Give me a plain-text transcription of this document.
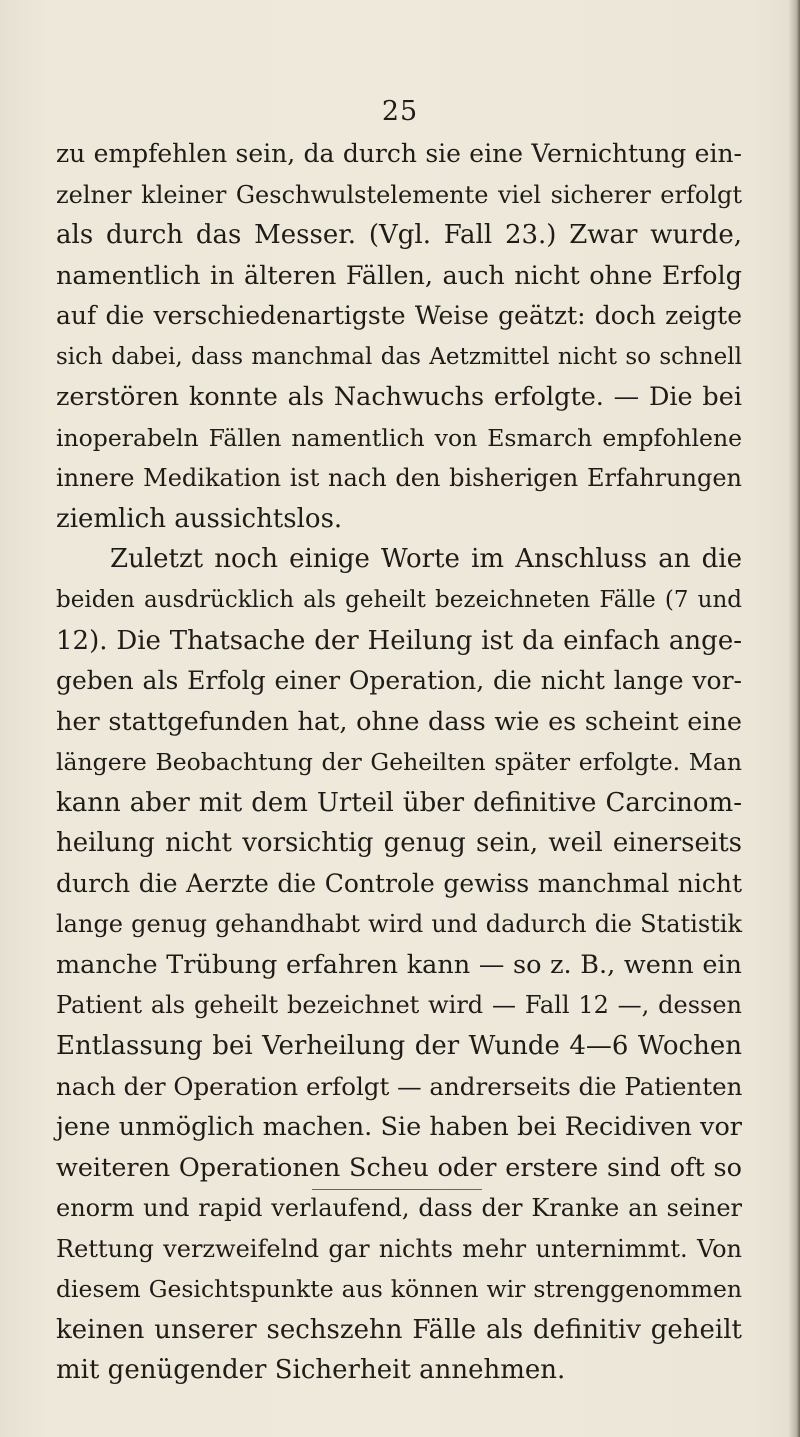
25
zu empfehlen sein, da durch sie eine Vernichtung ein-
zelner kleiner Geschwulstelemente viel sicherer erfolgt
als durch das Messer. (Vgl. Fall 23.) Zwar wurde,
namentlich in älteren Fällen, auch nicht ohne Erfolg
auf die verschiedenartigste Weise geätzt: doch zeigte
sich dabei, dass manchmal das Aetzmittel nicht so schnell
zerstören konnte als Nachwuchs erfolgte. — Die bei
inoperabeln Fällen namentlich von Esmarch empfohlene
innere Medikation ist nach den bisherigen Erfahrungen
ziemlich aussichtslos.
Zuletzt noch einige Worte im Anschluss an die
beiden ausdrücklich als geheilt bezeichneten Fälle (7 und
12). Die Thatsache der Heilung ist da einfach ange-
geben als Erfolg einer Operation, die nicht lange vor-
her stattgefunden hat, ohne dass wie es scheint eine
längere Beobachtung der Geheilten später erfolgte. Man
kann aber mit dem Urteil über definitive Carcinom-
heilung nicht vorsichtig genug sein, weil einerseits
durch die Aerzte die Controle gewiss manchmal nicht
lange genug gehandhabt wird und dadurch die Statistik
manche Trübung erfahren kann — so z. B., wenn ein
Patient als geheilt bezeichnet wird — Fall 12 —, dessen
Entlassung bei Verheilung der Wunde 4—6 Wochen
nach der Operation erfolgt — andrerseits die Patienten
jene unmöglich machen. Sie haben bei Recidiven vor
weiteren Operationen Scheu oder erstere sind oft so
enorm und rapid verlaufend, dass der Kranke an seiner
Rettung verzweifelnd gar nichts mehr unternimmt. Von
diesem Gesichtspunkte aus können wir strenggenommen
keinen unserer sechszehn Fälle als definitiv geheilt
mit genügender Sicherheit annehmen.
